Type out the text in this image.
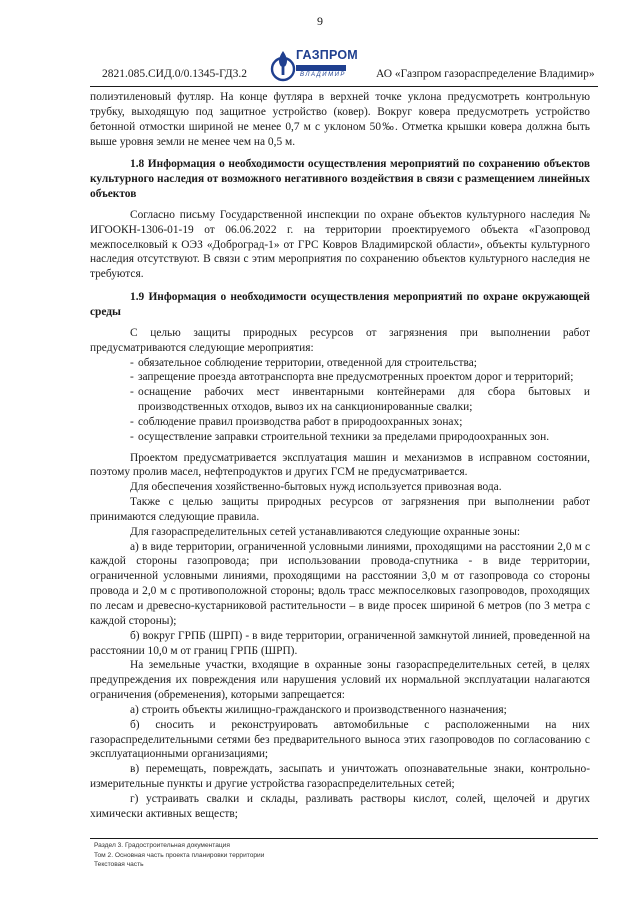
9
2821.085.СИД.0/0.1345-ГД3.2
ГАЗПРОМ
ВЛАДИМИР	АО «Газпром газораспределение Владимир»

полиэтиленовый футляр. На конце футляра в верхней точке уклона предусмотреть контрольную трубку, выходящую под защитное устройство (ковер). Вокруг ковера предусмотреть устройство бетонной отмостки шириной не менее 0,7 м с уклоном 50‰. Отметка крышки ковера должна быть выше уровня земли не менее чем на 0,5 м.

1.8 Информация о необходимости осуществления мероприятий по сохранению объектов культурного наследия от возможного негативного воздействия в связи с размещением линейных объектов

Согласно письму Государственной инспекции по охране объектов культурного наследия № ИГООКН-1306-01-19 от 06.06.2022 г. на территории проектируемого объекта «Газопровод межпоселковый к ОЭЗ «Доброград-1» от ГРС Ковров Владимирской области», объекты культурного наследия отсутствуют. В связи с этим мероприятия по сохранению объектов культурного наследия не требуются.

1.9 Информация о необходимости осуществления мероприятий по охране окружающей среды

С целью защиты природных ресурсов от загрязнения при выполнении работ предусматриваются следующие мероприятия:

- обязательное соблюдение территории, отведенной для строительства;

- запрещение проезда автотранспорта вне предусмотренных проектом дорог и территорий;

- оснащение рабочих мест инвентарными контейнерами для сбора бытовых и производственных отходов, вывоз их на санкционированные свалки;

- соблюдение правил производства работ в природоохранных зонах;

- осуществление заправки строительной техники за пределами природоохранных зон.

Проектом предусматривается эксплуатация машин и механизмов в исправном состоянии, поэтому пролив масел, нефтепродуктов и других ГСМ не предусматривается.

Для обеспечения хозяйственно-бытовых нужд используется привозная вода.

Также с целью защиты природных ресурсов от загрязнения при выполнении работ принимаются следующие правила.

Для газораспределительных сетей устанавливаются следующие охранные зоны:

а) в виде территории, ограниченной условными линиями, проходящими на расстоянии 2,0 м с каждой стороны газопровода; при использовании провода-спутника - в виде территории, ограниченной условными линиями, проходящими на расстоянии 3,0 м от газопровода со стороны провода и 2,0 м с противоположной стороны; вдоль трасс межпоселковых газопроводов, проходящих по лесам и древесно-кустарниковой растительности – в виде просек шириной 6 метров (по 3 метра с каждой стороны);

б) вокруг ГРПБ (ШРП) - в виде территории, ограниченной замкнутой линией, проведенной на расстоянии 10,0 м от границ ГРПБ (ШРП).

На земельные участки, входящие в охранные зоны газораспределительных сетей, в целях предупреждения их повреждения или нарушения условий их нормальной эксплуатации налагаются ограничения (обременения), которыми запрещается:

а) строить объекты жилищно-гражданского и производственного назначения;

б) сносить и реконструировать автомобильные с расположенными на них газораспределительными сетями без предварительного выноса этих газопроводов по согласованию с эксплуатационными организациями;

в) перемещать, повреждать, засыпать и уничтожать опознавательные знаки, контрольно-измерительные пункты и другие устройства газораспределительных сетей;

г) устраивать свалки и склады, разливать растворы кислот, солей, щелочей и других химически активных веществ;

Раздел 3. Градостроительная документация
Том 2. Основная часть проекта планировки территории
Текстовая часть
